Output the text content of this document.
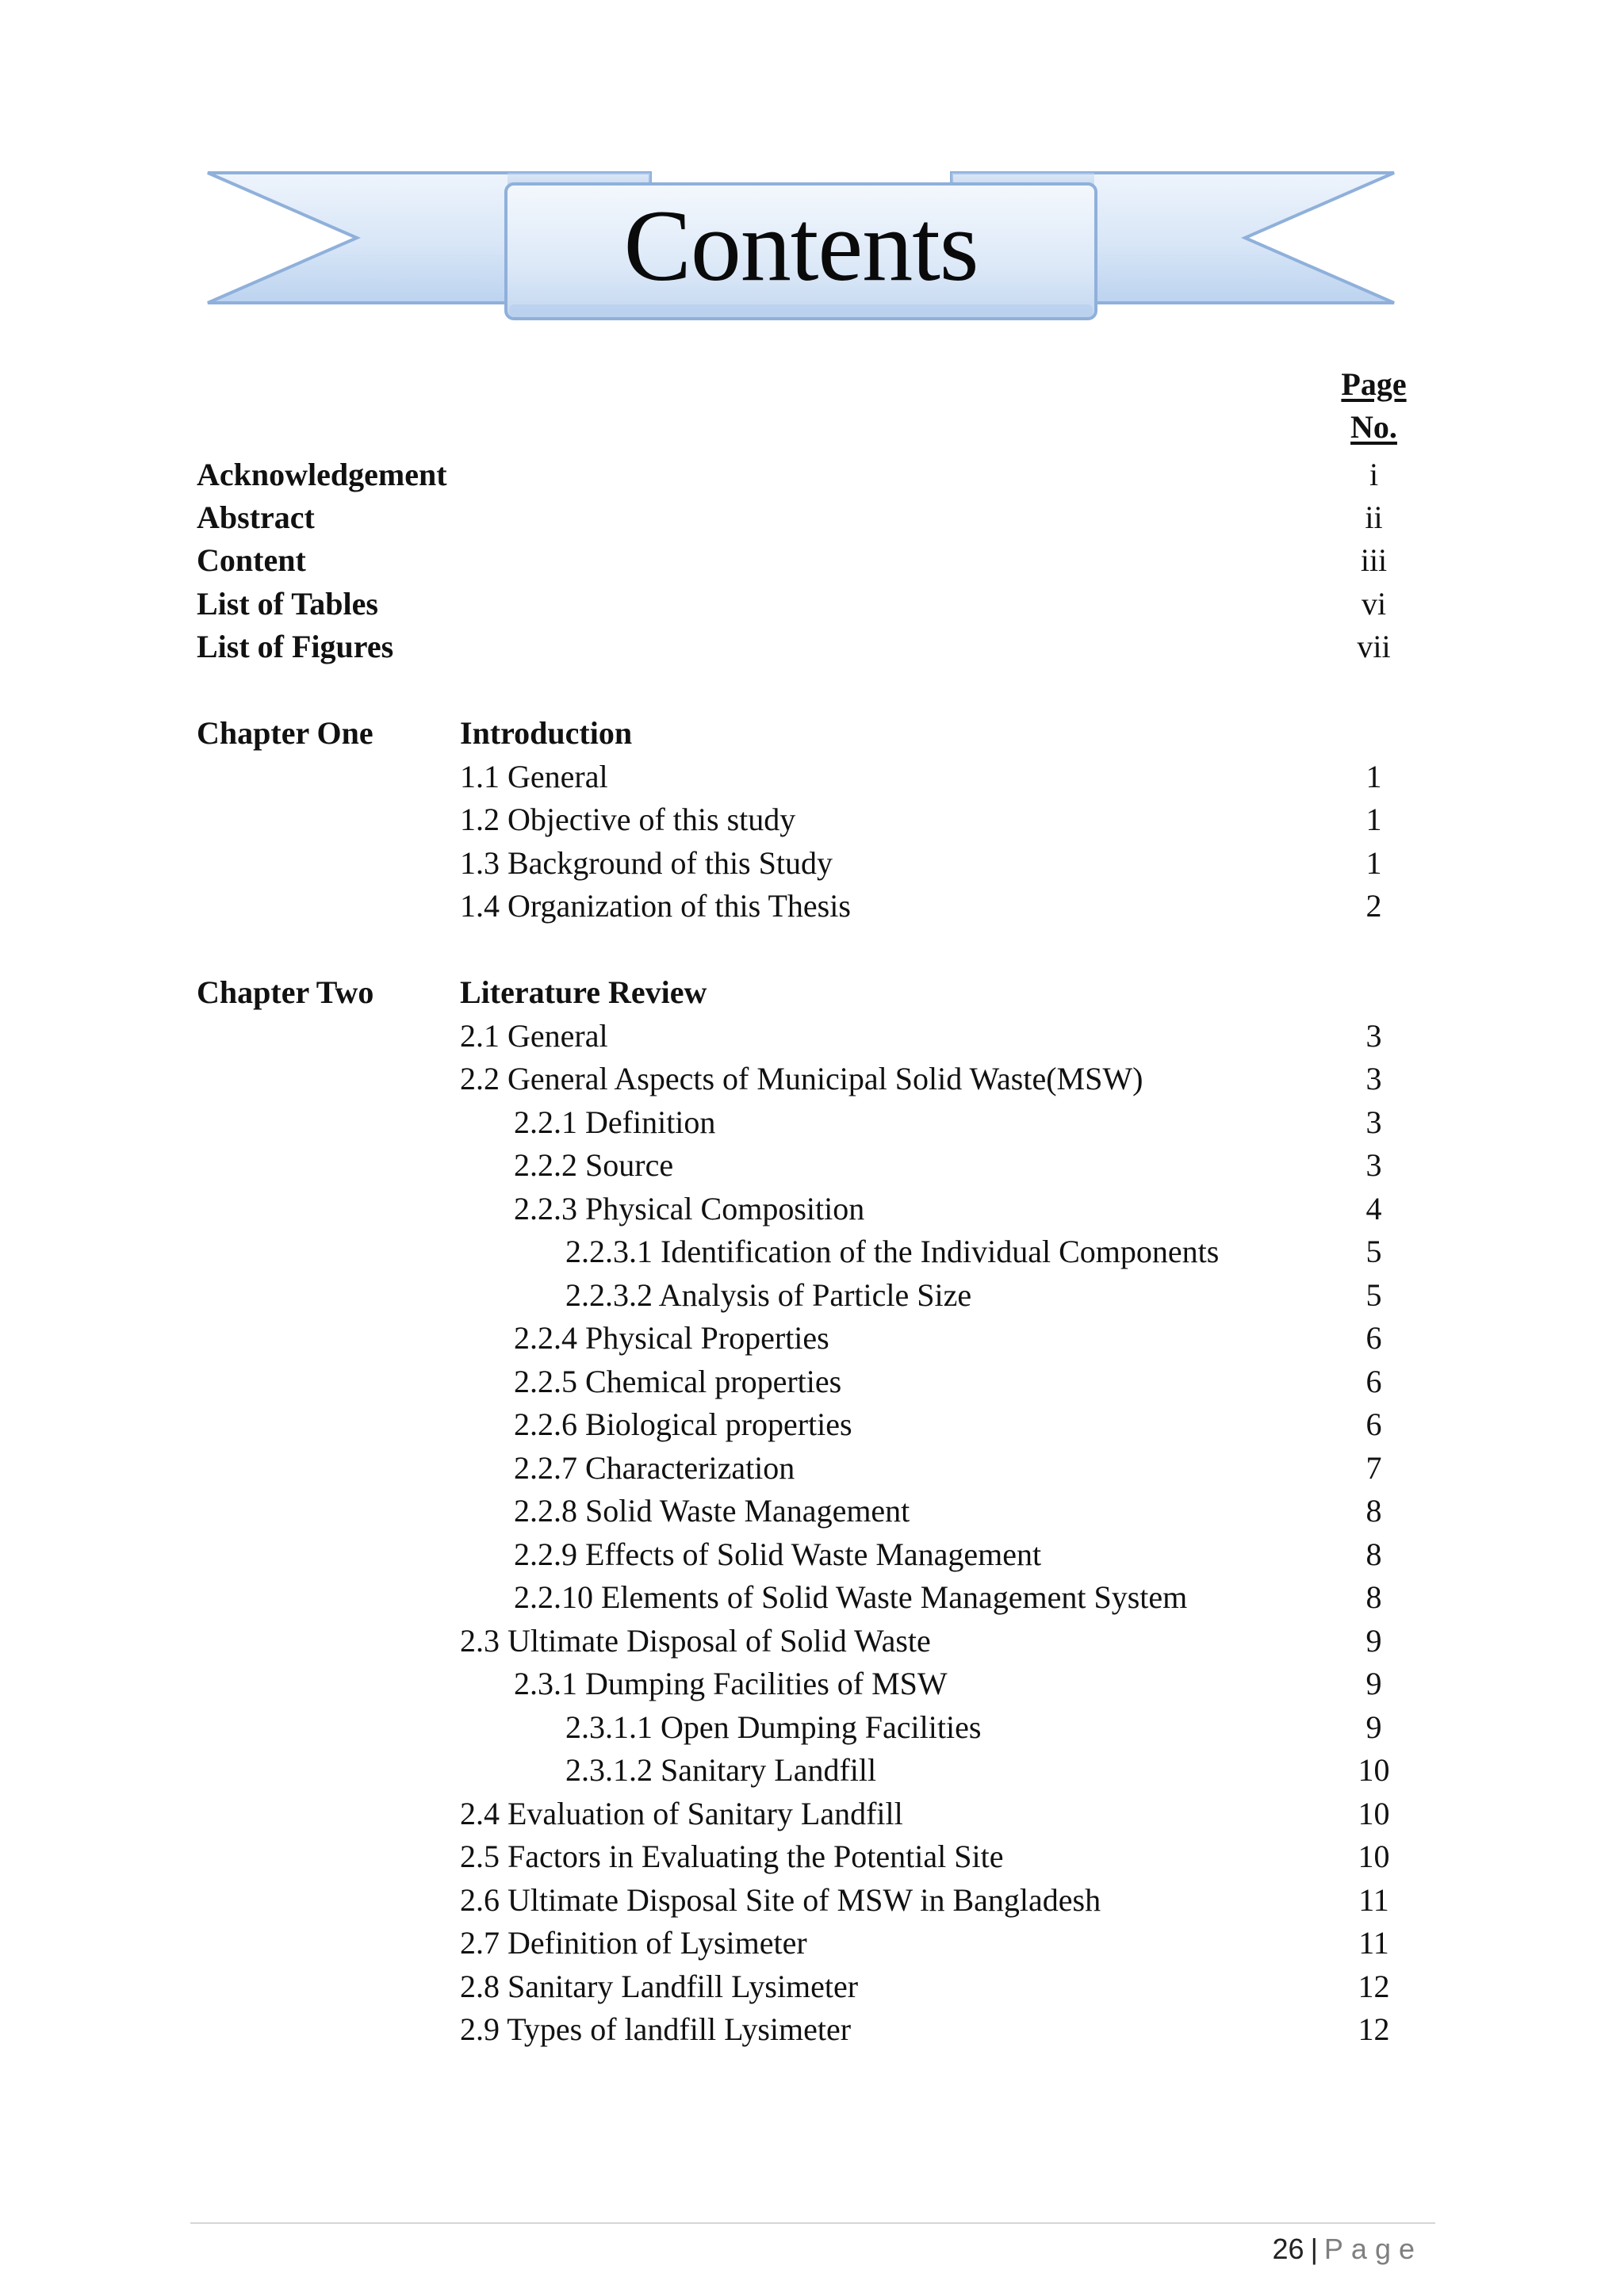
Contents
Page
No.
Acknowledgement	i
Abstract	ii
Content	iii
List of Tables	vi
List of Figures	vii
Chapter One	Introduction
1.1 General	1
1.2 Objective of this study	1
1.3 Background of this Study	1
1.4 Organization of this Thesis	2
Chapter Two	Literature Review
2.1 General	3
2.2 General Aspects of Municipal Solid Waste(MSW)	3
2.2.1 Definition	3
2.2.2 Source	3
2.2.3 Physical Composition	4
2.2.3.1 Identification of the Individual Components	5
2.2.3.2 Analysis of Particle Size	5
2.2.4 Physical Properties	6
2.2.5 Chemical properties	6
2.2.6 Biological properties	6
2.2.7 Characterization	7
2.2.8 Solid Waste Management	8
2.2.9 Effects of Solid Waste Management	8
2.2.10 Elements of Solid Waste Management System	8
2.3 Ultimate Disposal of Solid Waste	9
2.3.1 Dumping Facilities of MSW	9
2.3.1.1 Open Dumping Facilities	9
2.3.1.2 Sanitary Landfill	10
2.4 Evaluation of Sanitary Landfill	10
2.5 Factors in Evaluating the Potential Site	10
2.6 Ultimate Disposal Site of MSW in Bangladesh	11
2.7 Definition of Lysimeter	11
2.8 Sanitary Landfill Lysimeter	12
2.9 Types of landfill Lysimeter	12
26 | Page
